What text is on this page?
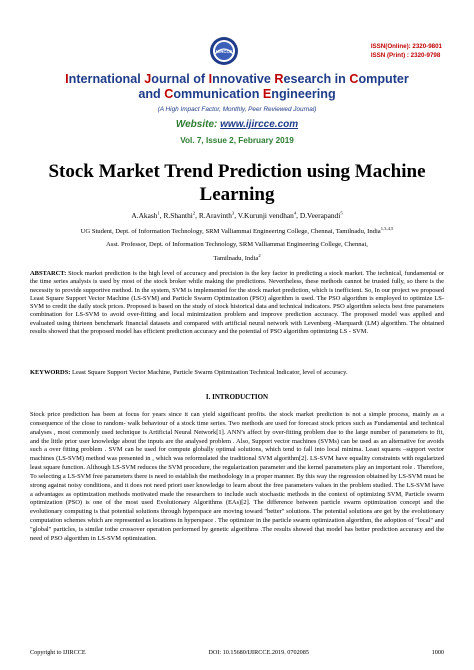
IJIRCCE
ISSN(Online): 2320-9801
ISSN (Print) : 2320-9798
International Journal of Innovative Research in Computer
and Communication Engineering
(A High Impact Factor, Monthly, Peer Reviewed Journal)
Website: www.ijircce.com
Vol. 7, Issue 2, February 2019
Stock Market Trend Prediction using Machine
Learning
A.Akash$^1$, R.Shanthi$^2$, R.Aravinth$^3$, V.Kurunji vendhan$^4$, D.Veerapandi$^5$
UG Student, Dept. of Information Technology, SRM Valliammai Engineering College, Chennai, Tamilnadu, India$^{1,3,4,5}$
Asst. Professor, Dept. of Information Technology, SRM Valliammai Engineering College, Chennai,
Tamilnadu, India$^2$
ABSTARCT: Stock market prediction is the high level of accuracy and precision is the key factor in predicting a stock market. The technical, fundamental or the time series analysis is used by most of the stock broker while making the predictions. Nevertheless, these methods cannot be trusted fully, so there is the necessity to provide supportive method. In the system, SVM is implemented for the stock market prediction, which is inefficient. So, In our project we proposed Least Square Support Vector Machine (LS-SVM) and Particle Swarm Optimization (PSO) algorithm is used. The PSO algorithm is employed to optimize LS-SVM to credit the daily stock prices. Proposed is based on the study of stock historical data and technical indicators. PSO algorithm selects best free parameters combination for LS-SVM to avoid over-fitting and local minimization problem and improve prediction accuracy. The proposed model was applied and evaluated using thirteen benchmark financial datasets and compared with artificial neural network with Levenberg -Marquardt (LM) algorithm. The obtained results showed that the proposed model has efficient prediction accuracy and the potential of PSO algorithm optimizing LS - SVM.
KEYWORDS: Least Square Support Vector Machine, Particle Swarm Optimization Technical Indicator, level of accuracy.
I. INTRODUCTION
Stock price prediction has been at focus for years since it can yield significant profits. the stock market prediction is not a simple process, mainly as a consequence of the close to random- walk behaviour of a stock time series. Two methods are used for forecast stock prices such as Fundamental and technical analyses , most commonly used technique is Artificial Neural Network[1]. ANN’s affect by over-fitting problem due to the large number of parameters to fit, and the little prior user knowledge about the inputs are the analysed problem . Also, Support vector machines (SVMs) can be used as an alternative for avoids such a over fitting problem . SVM can be used for compute globally optimal solutions, which tend to fall into local minima. Least squares –support vector machines (LS-SVM) method was presented in , which was reformulated the traditional SVM algorithm[2]. LS-SVM have equality constraints with regularized least square function. Although LS-SVM reduces the SVM procedure, the regularization parameter and the kernel parameters play an important role . Therefore, To selecting a LS-SVM free parameters there is need to establish the methodology in a proper manner. By this way the regression obtained by LS-SVM must be strong against noisy conditions, and it does not need priori user knowledge to learn about the free parameters values in the problem studied. The LS-SVM have a advantages as optimization methods motivated made the researchers to include such stochastic methods in the context of optimizing SVM, Particle swarm optimization (PSO) is one of the most used Evolutionary Algorithms (EAs)[2]. The difference between particle swarm optimization concept and the evolutionary computing is that potential solutions through hyperspace are moving toward "better" solutions. The potential solutions are get by the evolutionary computation schemes which are represented as locations in hyperspace . The optimizer in the particle swarm optimization algorithm, the adoption of "local" and "global" particles, is similar tothe crossover operation performed by genetic algorithms .The results showed that model has better prediction accuracy and the need of PSO algorithm in LS-SVM optimization.
Copyright to IJIRCCE	DOI: 10.15680/IJIRCCE.2019. 0702085	1000
